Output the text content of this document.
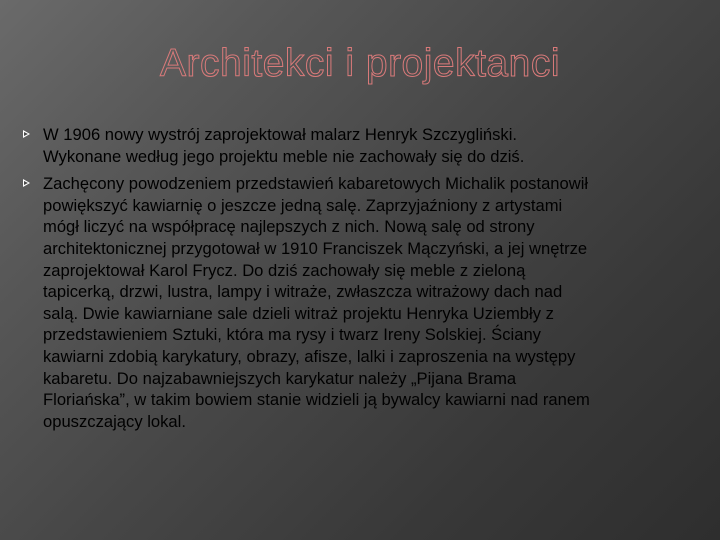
Architekci i projektanci
W 1906 nowy wystrój zaprojektował malarz Henryk Szczygliński.
Wykonane według jego projektu meble nie zachowały się do dziś.
Zachęcony powodzeniem przedstawień kabaretowych Michalik postanowił
powiększyć kawiarnię o jeszcze jedną salę. Zaprzyjaźniony z artystami
mógł liczyć na współpracę najlepszych z nich. Nową salę od strony
architektonicznej przygotował w 1910 Franciszek Mączyński, a jej wnętrze
zaprojektował Karol Frycz. Do dziś zachowały się meble z zieloną
tapicerką, drzwi, lustra, lampy i witraże, zwłaszcza witrażowy dach nad
salą. Dwie kawiarniane sale dzieli witraż projektu Henryka Uziembły z
przedstawieniem Sztuki, która ma rysy i twarz Ireny Solskiej. Ściany
kawiarni zdobią karykatury, obrazy, afisze, lalki i zaproszenia na występy
kabaretu. Do najzabawniejszych karykatur należy „Pijana Brama
Floriańska”, w takim bowiem stanie widzieli ją bywalcy kawiarni nad ranem
opuszczający lokal.
